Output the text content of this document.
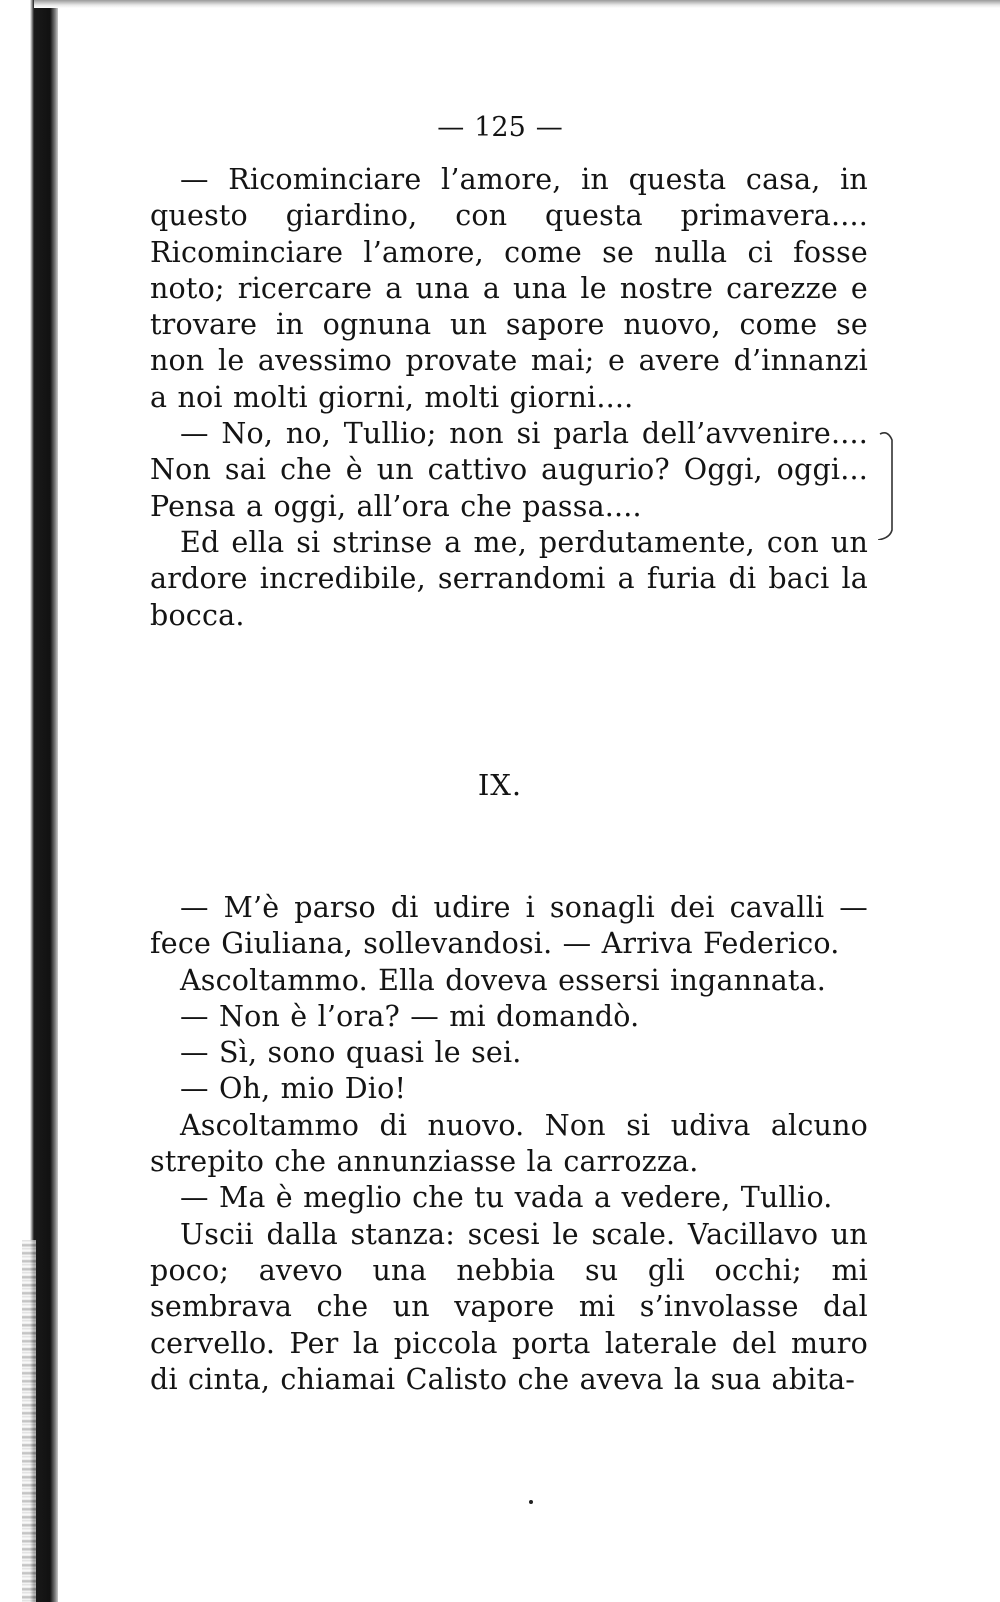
— 125 —

— Ricominciare l’amore, in questa casa, in questo giardino, con questa primavera.... Ricominciare l’amore, come se nulla ci fosse noto; ricercare a una a una le nostre carezze e trovare in ognuna un sapore nuovo, come se non le avessimo provate mai; e avere d’innanzi a noi molti giorni, molti giorni....

— No, no, Tullio; non si parla dell’avvenire.... Non sai che è un cattivo augurio? Oggi, oggi... Pensa a oggi, all’ora che passa....

Ed ella si strinse a me, perdutamente, con un ardore incredibile, serrandomi a furia di baci la bocca.

IX.

— M’è parso di udire i sonagli dei cavalli — fece Giuliana, sollevandosi. — Arriva Federico.

Ascoltammo. Ella doveva essersi ingannata.

— Non è l’ora? — mi domandò.

— Sì, sono quasi le sei.

— Oh, mio Dio!

Ascoltammo di nuovo. Non si udiva alcuno strepito che annunziasse la carrozza.

— Ma è meglio che tu vada a vedere, Tullio.

Uscii dalla stanza: scesi le scale. Vacillavo un poco; avevo una nebbia su gli occhi; mi sembrava che un vapore mi s’involasse dal cervello. Per la piccola porta laterale del muro di cinta, chiamai Calisto che aveva la sua abita-
